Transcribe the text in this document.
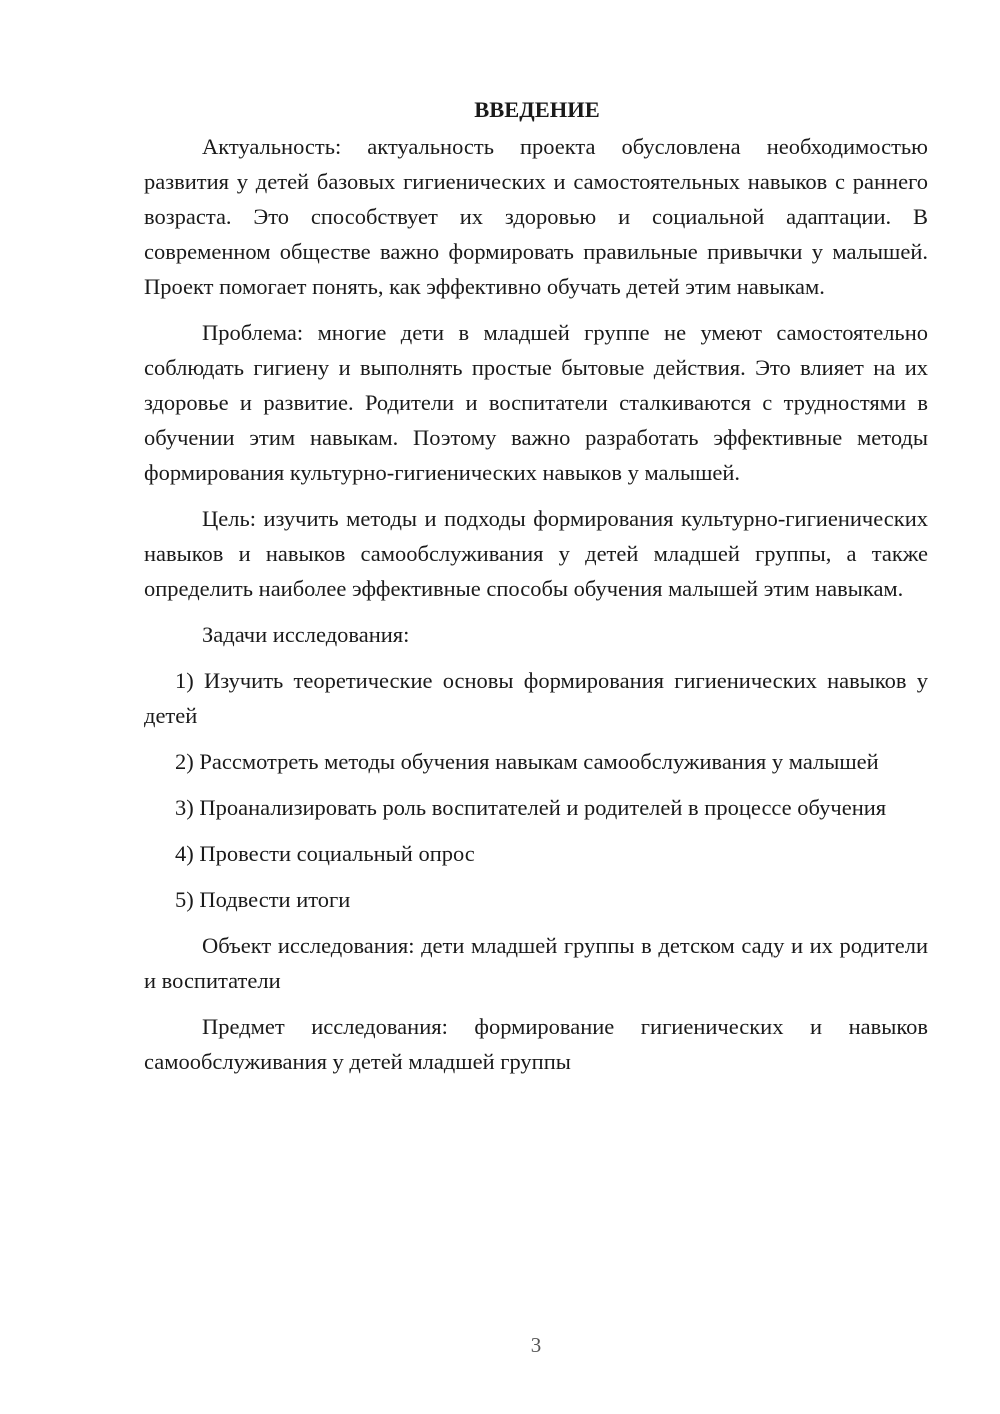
ВВЕДЕНИЕ

Актуальность: актуальность проекта обусловлена необходимостью развития у детей базовых гигиенических и самостоятельных навыков с раннего возраста. Это способствует их здоровью и социальной адаптации. В современном обществе важно формировать правильные привычки у малышей. Проект помогает понять, как эффективно обучать детей этим навыкам.

Проблема: многие дети в младшей группе не умеют самостоятельно соблюдать гигиену и выполнять простые бытовые действия. Это влияет на их здоровье и развитие. Родители и воспитатели сталкиваются с трудностями в обучении этим навыкам. Поэтому важно разработать эффективные методы формирования культурно-гигиенических навыков у малышей.

Цель: изучить методы и подходы формирования культурно-гигиенических навыков и навыков самообслуживания у детей младшей группы, а также определить наиболее эффективные способы обучения малышей этим навыкам.

Задачи исследования:

1) Изучить теоретические основы формирования гигиенических навыков у детей

2) Рассмотреть методы обучения навыкам самообслуживания у малышей

3) Проанализировать роль воспитателей и родителей в процессе обучения

4) Провести социальный опрос

5) Подвести итоги

Объект исследования: дети младшей группы в детском саду и их родители и воспитатели

Предмет исследования: формирование гигиенических и навыков самообслуживания у детей младшей группы

3
